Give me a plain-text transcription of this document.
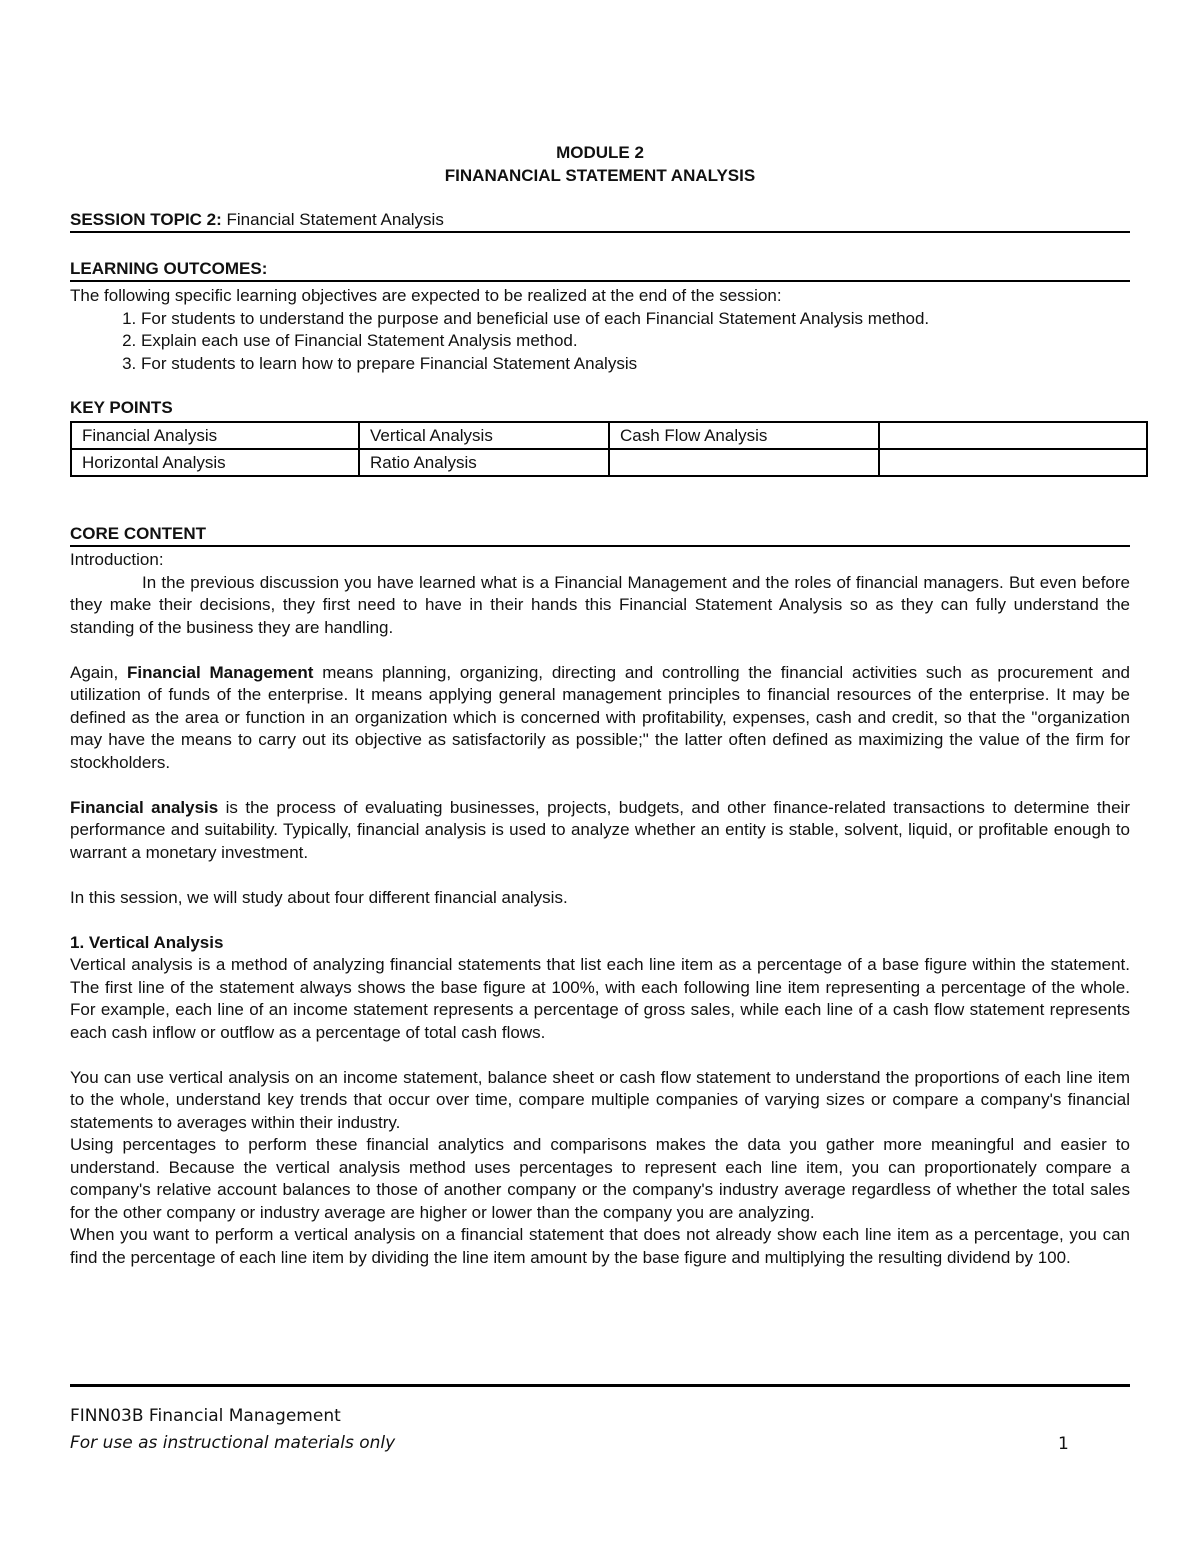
MODULE 2
FINANANCIAL STATEMENT ANALYSIS
SESSION TOPIC 2: Financial Statement Analysis
LEARNING OUTCOMES:
The following specific learning objectives are expected to be realized at the end of the session:
1. For students to understand the purpose and beneficial use of each Financial Statement Analysis method.
2. Explain each use of Financial Statement Analysis method.
3. For students to learn how to prepare Financial Statement Analysis
KEY POINTS
Financial Analysis	Vertical Analysis	Cash Flow Analysis	
Horizontal Analysis	Ratio Analysis		
CORE CONTENT
Introduction:
In the previous discussion you have learned what is a Financial Management and the roles of financial managers. But even before they make their decisions, they first need to have in their hands this Financial Statement Analysis so as they can fully understand the standing of the business they are handling.
Again, Financial Management means planning, organizing, directing and controlling the financial activities such as procurement and utilization of funds of the enterprise. It means applying general management principles to financial resources of the enterprise. It may be defined as the area or function in an organization which is concerned with profitability, expenses, cash and credit, so that the "organization may have the means to carry out its objective as satisfactorily as possible;" the latter often defined as maximizing the value of the firm for stockholders.
Financial analysis is the process of evaluating businesses, projects, budgets, and other finance-related transactions to determine their performance and suitability. Typically, financial analysis is used to analyze whether an entity is stable, solvent, liquid, or profitable enough to warrant a monetary investment.
In this session, we will study about four different financial analysis.
1. Vertical Analysis
Vertical analysis is a method of analyzing financial statements that list each line item as a percentage of a base figure within the statement. The first line of the statement always shows the base figure at 100%, with each following line item representing a percentage of the whole. For example, each line of an income statement represents a percentage of gross sales, while each line of a cash flow statement represents each cash inflow or outflow as a percentage of total cash flows.
You can use vertical analysis on an income statement, balance sheet or cash flow statement to understand the proportions of each line item to the whole, understand key trends that occur over time, compare multiple companies of varying sizes or compare a company's financial statements to averages within their industry.
Using percentages to perform these financial analytics and comparisons makes the data you gather more meaningful and easier to understand. Because the vertical analysis method uses percentages to represent each line item, you can proportionately compare a company's relative account balances to those of another company or the company's industry average regardless of whether the total sales for the other company or industry average are higher or lower than the company you are analyzing.
When you want to perform a vertical analysis on a financial statement that does not already show each line item as a percentage, you can find the percentage of each line item by dividing the line item amount by the base figure and multiplying the resulting dividend by 100.
FINN03B Financial Management
For use as instructional materials only	1
